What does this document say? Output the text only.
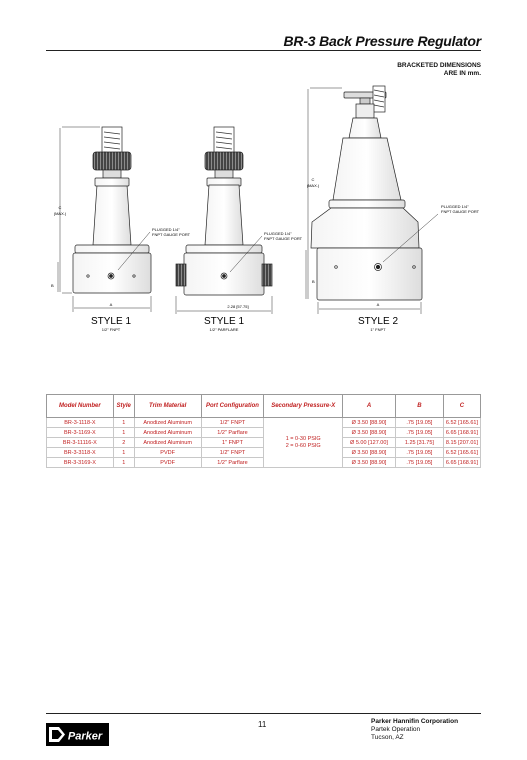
BR-3 Back Pressure Regulator
BRACKETED DIMENSIONS
ARE IN mm.
C
(MAX.)
B
A
PLUGGED 1/4"
FNPT GAUGE PORT
STYLE 1
1/2" FNPT
PLUGGED 1/4"
FNPT GAUGE PORT
2.28 [57.75]
STYLE 1
1/2" PARFLARE
C
(MAX.)
B
A
PLUGGED 1/4"
FNPT GAUGE PORT
STYLE 2
1" FNPT
Model Number	Style	Trim Material	Port Configuration	Secondary Pressure-X	A	B	C
BR-3-1118-X	1	Anodized Aluminum	1/2" FNPT	1 = 0-30 PSIG
2 = 0-60 PSIG	Ø 3.50 [88.90]	.75 [19.05]	6.52 [165.61]
BR-3-1169-X	1	Anodized Aluminum	1/2" Parflare		Ø 3.50 [88.90]	.75 [19.05]	6.65 [168.91]
BR-3-11116-X	2	Anodized Aluminum	1" FNPT		Ø 5.00 [127.00]	1.25 [31.75]	8.15 [207.01]
BR-3-3118-X	1	PVDF	1/2" FNPT		Ø 3.50 [88.90]	.75 [19.05]	6.52 [165.61]
BR-3-3169-X	1	PVDF	1/2" Parflare		Ø 3.50 [88.90]	.75 [19.05]	6.65 [168.91]
Parker
11	Parker Hannifin Corporation
Partek Operation
Tucson, AZ
